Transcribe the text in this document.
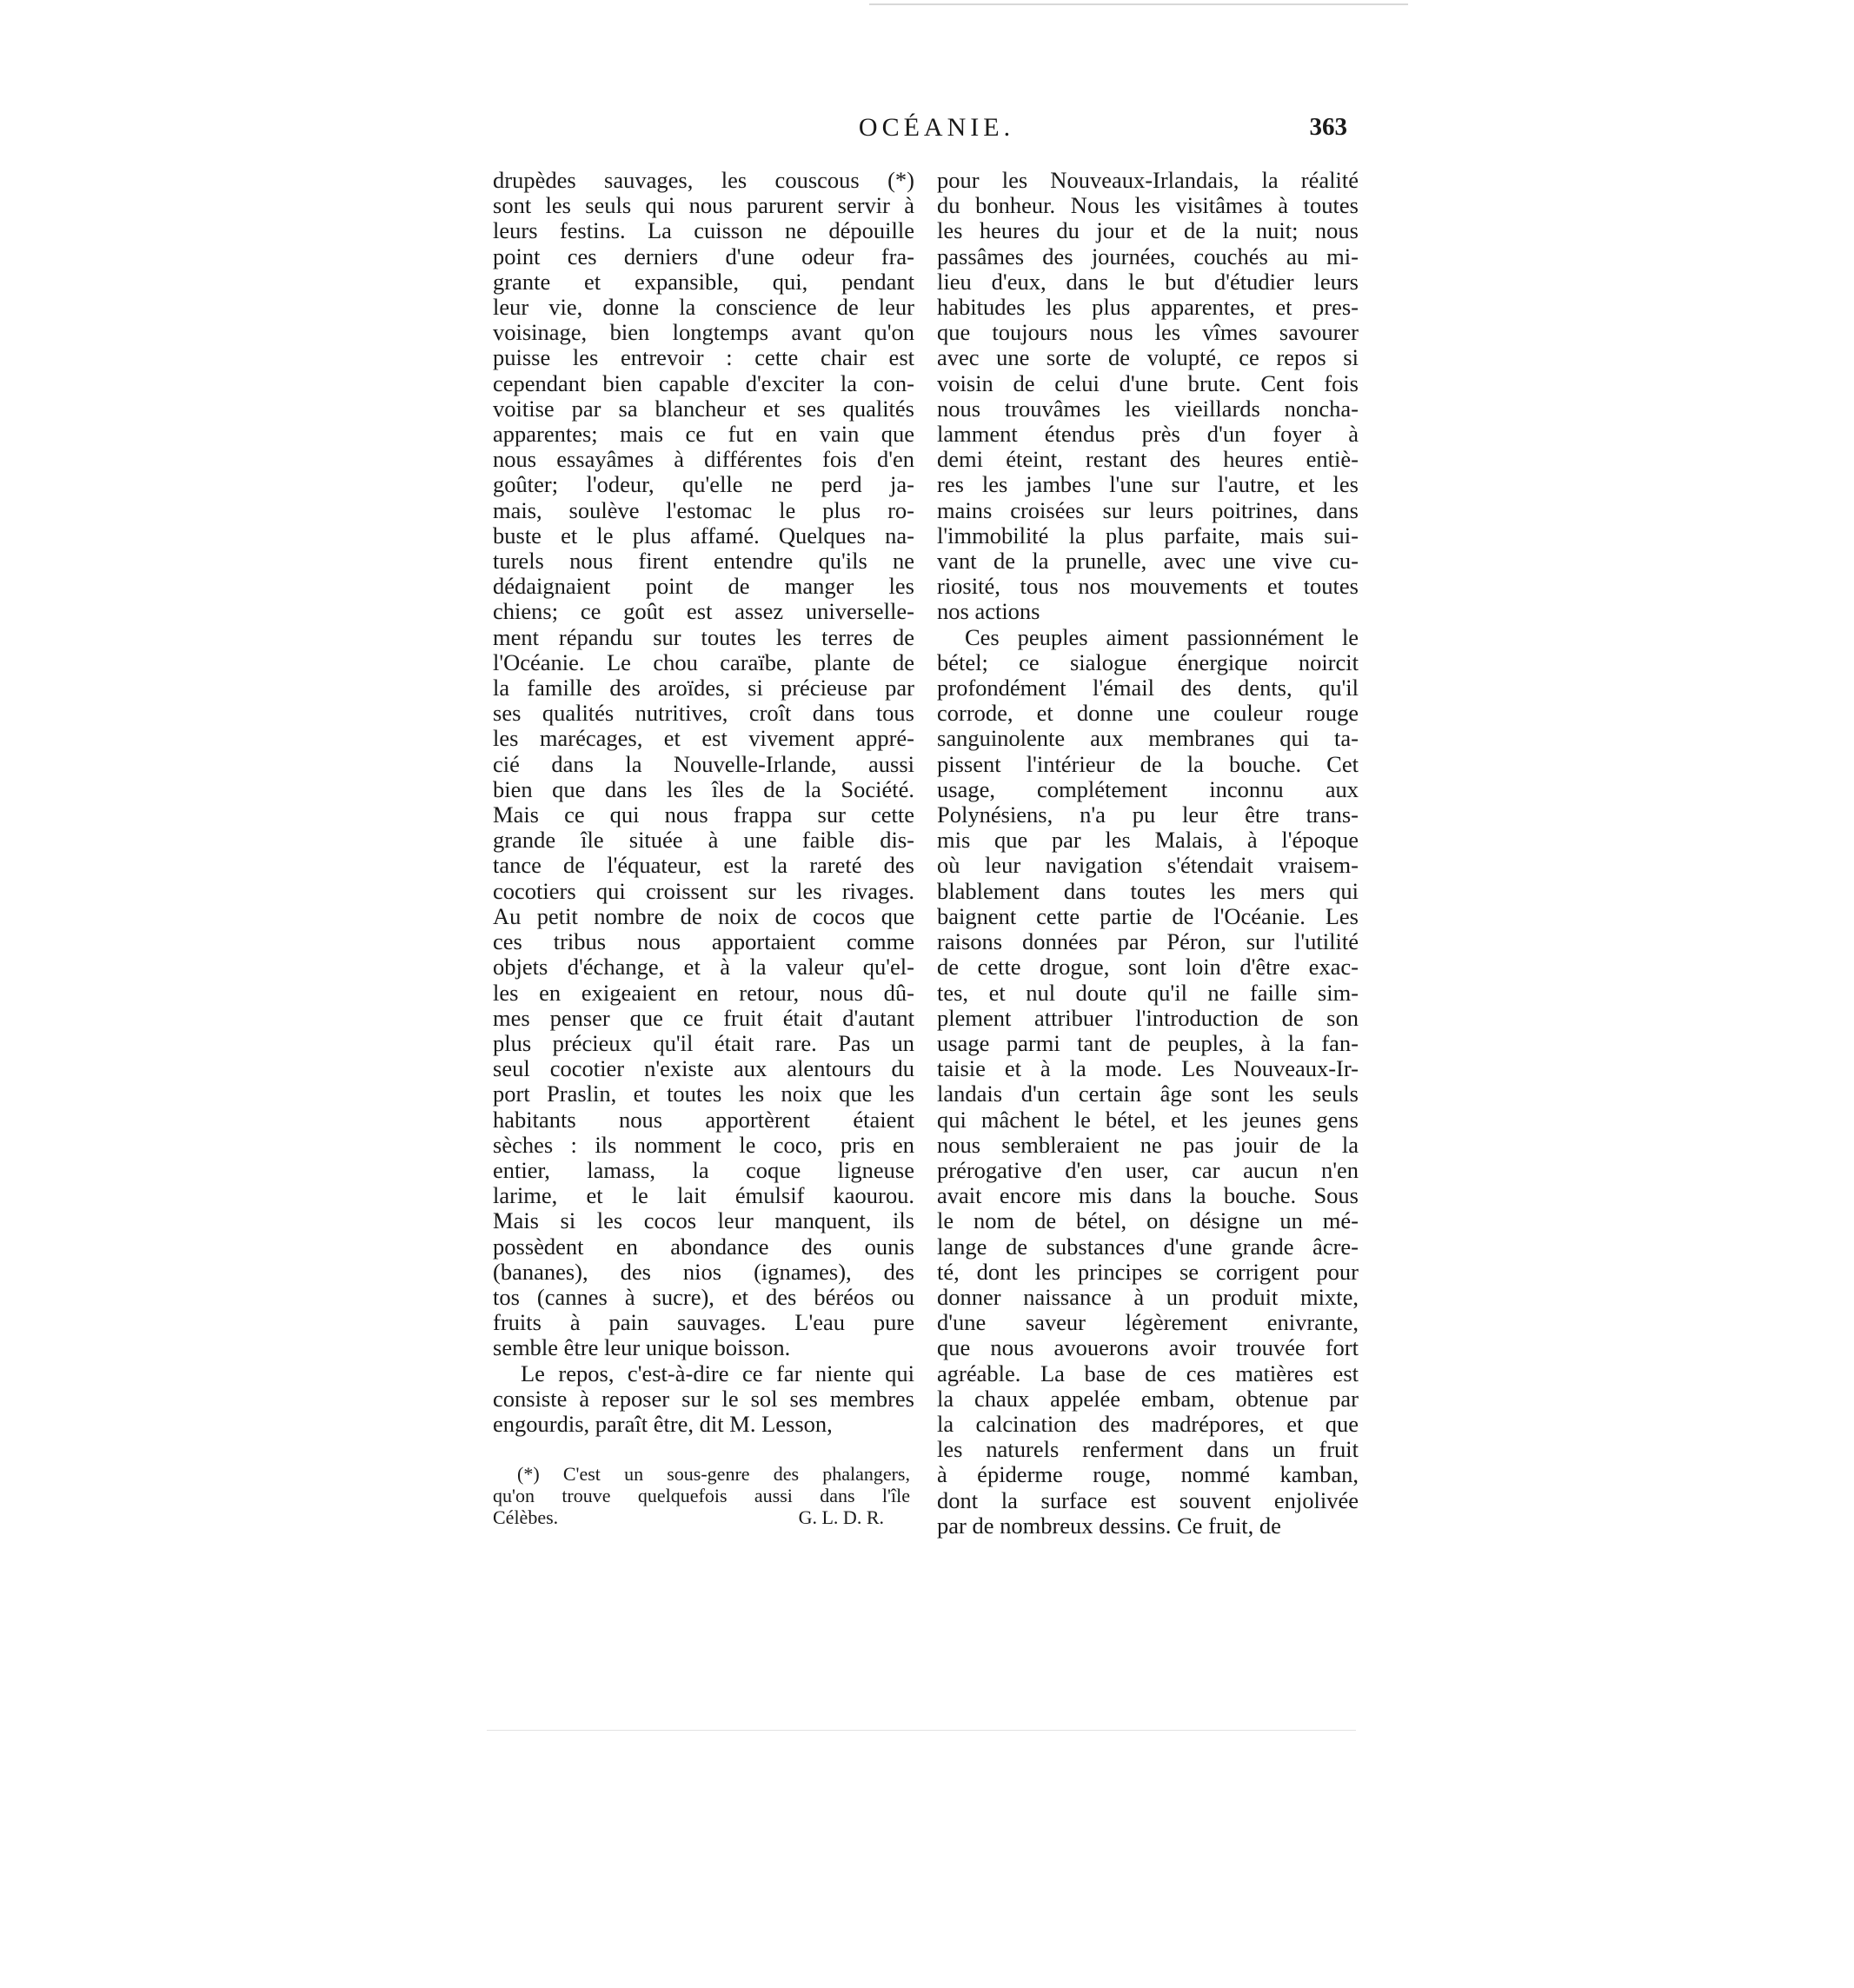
OCÉANIE.	363
drupèdes sauvages, les couscous (*)
sont les seuls qui nous parurent servir à
leurs festins. La cuisson ne dépouille
point ces derniers d'une odeur fra-
grante et expansible, qui, pendant
leur vie, donne la conscience de leur
voisinage, bien longtemps avant qu'on
puisse les entrevoir : cette chair est
cependant bien capable d'exciter la con-
voitise par sa blancheur et ses qualités
apparentes; mais ce fut en vain que
nous essayâmes à différentes fois d'en
goûter; l'odeur, qu'elle ne perd ja-
mais, soulève l'estomac le plus ro-
buste et le plus affamé. Quelques na-
turels nous firent entendre qu'ils ne
dédaignaient point de manger les
chiens; ce goût est assez universelle-
ment répandu sur toutes les terres de
l'Océanie. Le chou caraïbe, plante de
la famille des aroïdes, si précieuse par
ses qualités nutritives, croît dans tous
les marécages, et est vivement appré-
cié dans la Nouvelle-Irlande, aussi
bien que dans les îles de la Société.
Mais ce qui nous frappa sur cette
grande île située à une faible dis-
tance de l'équateur, est la rareté des
cocotiers qui croissent sur les rivages.
Au petit nombre de noix de cocos que
ces tribus nous apportaient comme
objets d'échange, et à la valeur qu'el-
les en exigeaient en retour, nous dû-
mes penser que ce fruit était d'autant
plus précieux qu'il était rare. Pas un
seul cocotier n'existe aux alentours du
port Praslin, et toutes les noix que les
habitants nous apportèrent étaient
sèches : ils nomment le coco, pris en
entier, lamass, la coque ligneuse
larime, et le lait émulsif kaourou.
Mais si les cocos leur manquent, ils
possèdent en abondance des ounis
(bananes), des nios (ignames), des
tos (cannes à sucre), et des béréos ou
fruits à pain sauvages. L'eau pure
semble être leur unique boisson.
Le repos, c'est-à-dire ce far niente qui
consiste à reposer sur le sol ses membres
engourdis, paraît être, dit M. Lesson,
pour les Nouveaux-Irlandais, la réalité
du bonheur. Nous les visitâmes à toutes
les heures du jour et de la nuit; nous
passâmes des journées, couchés au mi-
lieu d'eux, dans le but d'étudier leurs
habitudes les plus apparentes, et pres-
que toujours nous les vîmes savourer
avec une sorte de volupté, ce repos si
voisin de celui d'une brute. Cent fois
nous trouvâmes les vieillards noncha-
lamment étendus près d'un foyer à
demi éteint, restant des heures entiè-
res les jambes l'une sur l'autre, et les
mains croisées sur leurs poitrines, dans
l'immobilité la plus parfaite, mais sui-
vant de la prunelle, avec une vive cu-
riosité, tous nos mouvements et toutes
nos actions
Ces peuples aiment passionnément le
bétel; ce sialogue énergique noircit
profondément l'émail des dents, qu'il
corrode, et donne une couleur rouge
sanguinolente aux membranes qui ta-
pissent l'intérieur de la bouche. Cet
usage, complétement inconnu aux
Polynésiens, n'a pu leur être trans-
mis que par les Malais, à l'époque
où leur navigation s'étendait vraisem-
blablement dans toutes les mers qui
baignent cette partie de l'Océanie. Les
raisons données par Péron, sur l'utilité
de cette drogue, sont loin d'être exac-
tes, et nul doute qu'il ne faille sim-
plement attribuer l'introduction de son
usage parmi tant de peuples, à la fan-
taisie et à la mode. Les Nouveaux-Ir-
landais d'un certain âge sont les seuls
qui mâchent le bétel, et les jeunes gens
nous sembleraient ne pas jouir de la
prérogative d'en user, car aucun n'en
avait encore mis dans la bouche. Sous
le nom de bétel, on désigne un mé-
lange de substances d'une grande âcre-
té, dont les principes se corrigent pour
donner naissance à un produit mixte,
d'une saveur légèrement enivrante,
que nous avouerons avoir trouvée fort
agréable. La base de ces matières est
la chaux appelée embam, obtenue par
la calcination des madrépores, et que
les naturels renferment dans un fruit
à épiderme rouge, nommé kamban,
dont la surface est souvent enjolivée
par de nombreux dessins. Ce fruit, de
(*) C'est un sous-genre des phalangers,
qu'on trouve quelquefois aussi dans l'île
Célèbes.	G. L. D. R.
